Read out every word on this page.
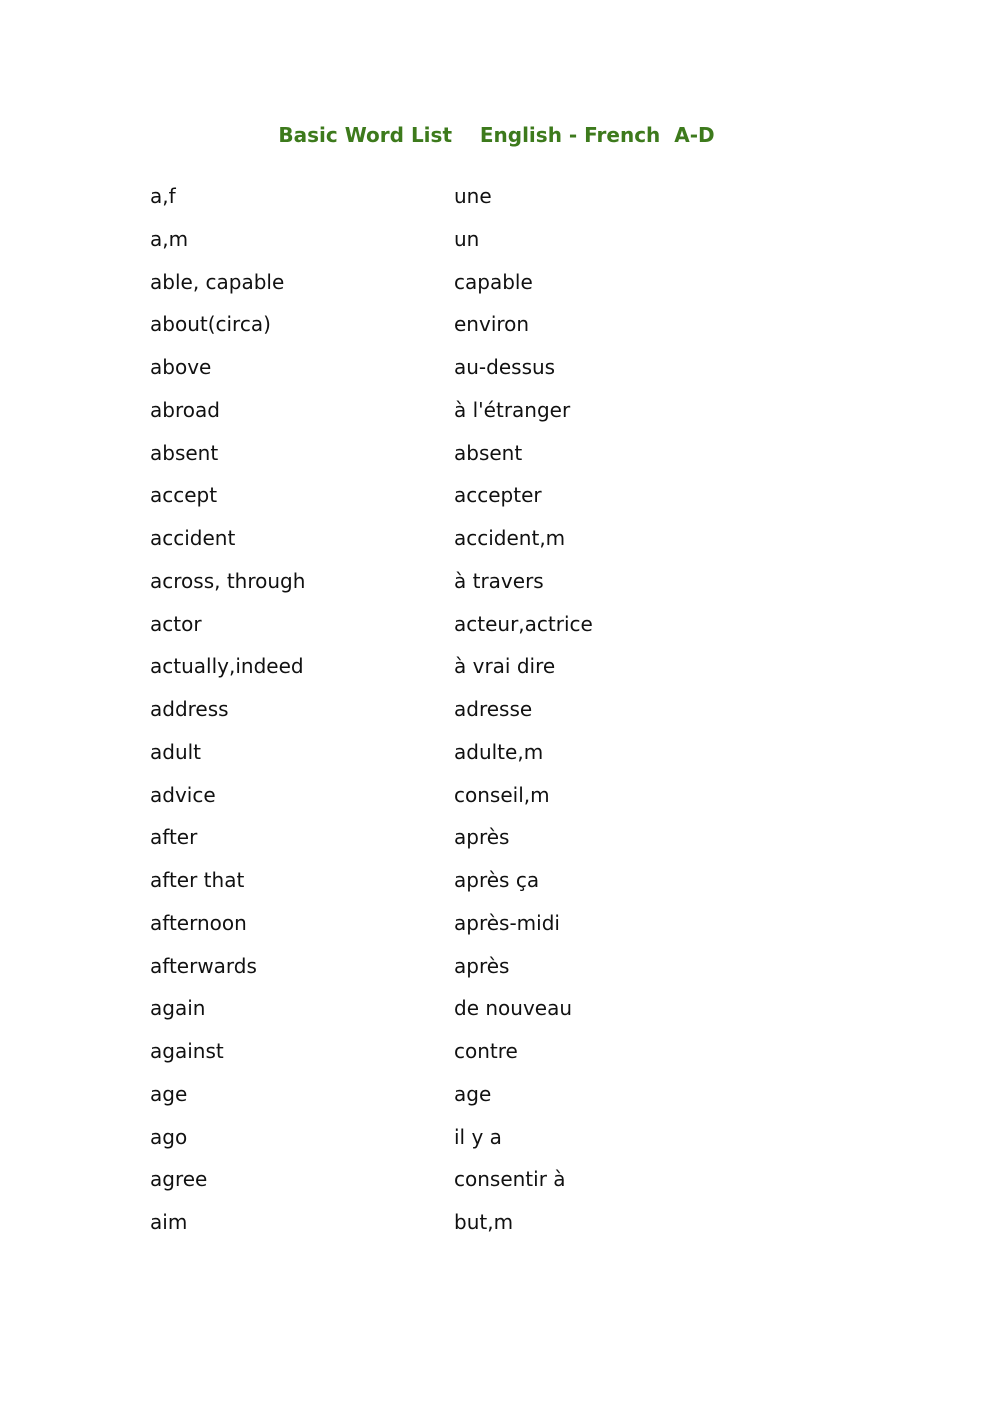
Basic Word List    English - French  A-D
a,f	une
a,m	un
able, capable	capable
about(circa)	environ
above	au-dessus
abroad	à l'étranger
absent	absent
accept	accepter
accident	accident,m
across, through	à travers
actor	acteur,actrice
actually,indeed	à vrai dire
address	adresse
adult	adulte,m
advice	conseil,m
after	après
after that	après ça
afternoon	après-midi
afterwards	après
again	de nouveau
against	contre
age	age
ago	il y a
agree	consentir à
aim	but,m
